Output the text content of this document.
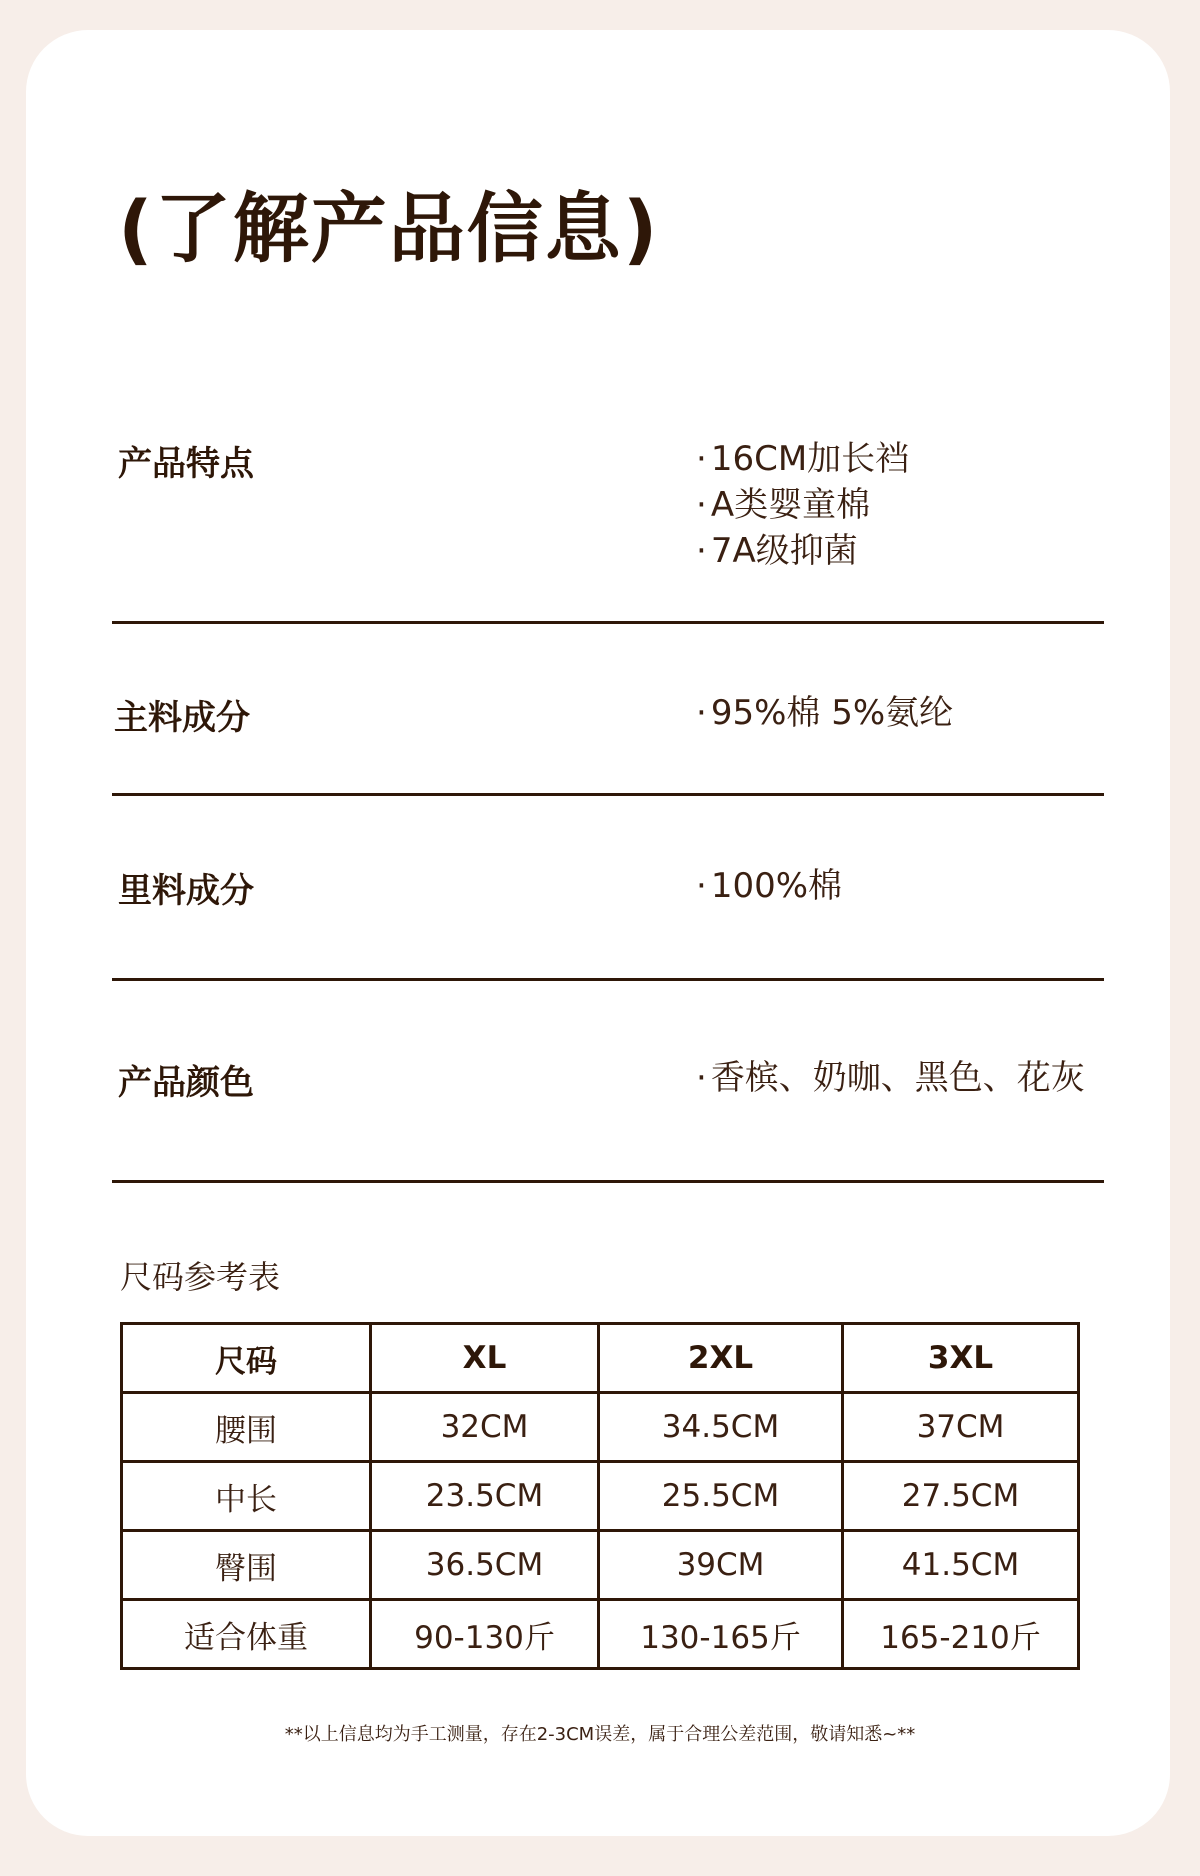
(了解产品信息)
产品特点	· 16CM加长裆
· A类婴童棉
· 7A级抑菌
主料成分	· 95%棉 5%氨纶
里料成分	· 100%棉
产品颜色	· 香槟、奶咖、黑色、花灰
尺码参考表
尺码	XL	2XL	3XL
腰围	32CM	34.5CM	37CM
中长	23.5CM	25.5CM	27.5CM
臀围	36.5CM	39CM	41.5CM
适合体重	90-130斤	130-165斤	165-210斤
**以上信息均为手工测量，存在2-3CM误差，属于合理公差范围，敬请知悉~**
